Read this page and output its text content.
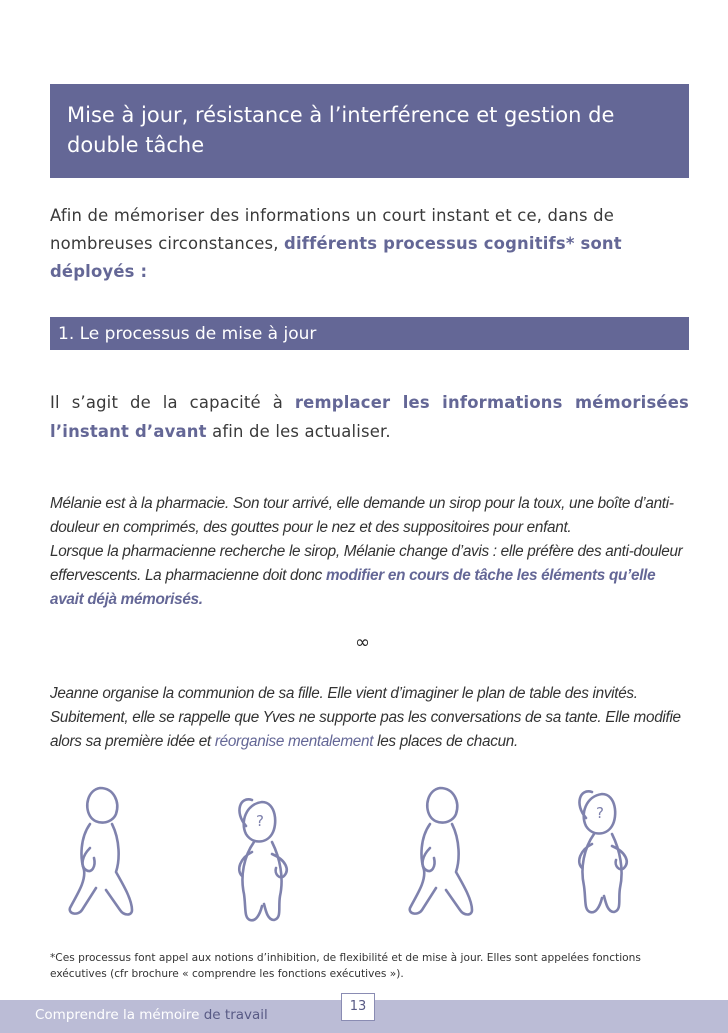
Mise à jour, résistance à l’interférence et gestion de
double tâche

Afin de mémoriser des informations un court instant et ce, dans de nombreuses circonstances, différents processus cognitifs* sont déployés :

1. Le processus de mise à jour

Il s’agit de la capacité à remplacer les informations mémorisées l’instant d’avant afin de les actualiser.

Mélanie est à la pharmacie. Son tour arrivé, elle demande un sirop pour la toux, une boîte d’anti-douleur en comprimés, des gouttes pour le nez et des suppositoires pour enfant.
Lorsque la pharmacienne recherche le sirop, Mélanie change d’avis : elle préfère des anti-douleur effervescents. La pharmacienne doit donc modifier en cours de tâche les éléments qu’elle avait déjà mémorisés.
∞
Jeanne organise la communion de sa fille. Elle vient d’imaginer le plan de table des invités. Subitement, elle se rappelle que Yves ne supporte pas les conversations de sa tante. Elle modifie alors sa première idée et réorganise mentalement les places de chacun.
?	?

*Ces processus font appel aux notions d’inhibition, de flexibilité et de mise à jour. Elles sont appelées fonctions exécutives (cfr brochure « comprendre les fonctions exécutives »).

Comprendre la mémoire de travail
13
